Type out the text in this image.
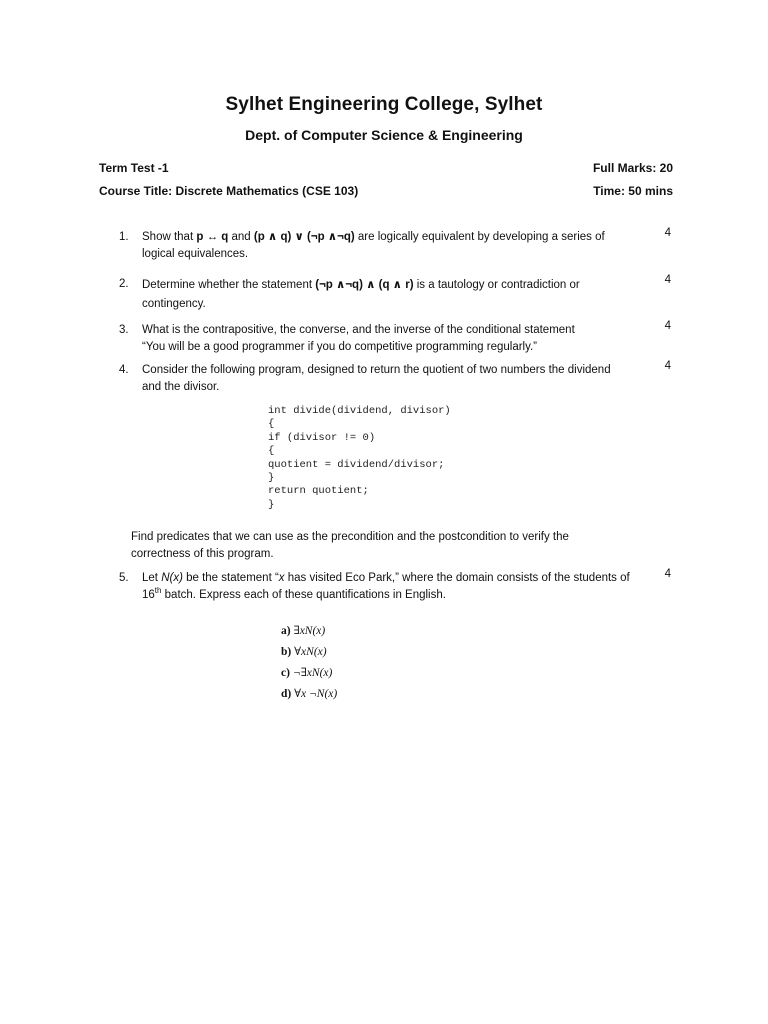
Sylhet Engineering College, Sylhet
Dept. of Computer Science & Engineering
Term Test -1	Full Marks: 20
Course Title: Discrete Mathematics (CSE 103)	Time: 50 mins
1. Show that p ↔ q and (p ∧ q) ∨ (¬p ∧¬q) are logically equivalent by developing a series of logical equivalences.
4
2. Determine whether the statement (¬p ∧¬q) ∧ (q ∧ r) is a tautology or contradiction or contingency.
4
3. What is the contrapositive, the converse, and the inverse of the conditional statement
“You will be a good programmer if you do competitive programming regularly.”
4
4. Consider the following program, designed to return the quotient of two numbers the dividend and the divisor.
4
int divide(dividend, divisor)
{
if (divisor != 0)
{
quotient = dividend/divisor;
}
return quotient;
}
Find predicates that we can use as the precondition and the postcondition to verify the correctness of this program.
5. Let N(x) be the statement “x has visited Eco Park,” where the domain consists of the students of 16th batch. Express each of these quantifications in English.
4
a) ∃xN(x)
b) ∀xN(x)
c) ¬∃xN(x)
d) ∀x ¬N(x)
